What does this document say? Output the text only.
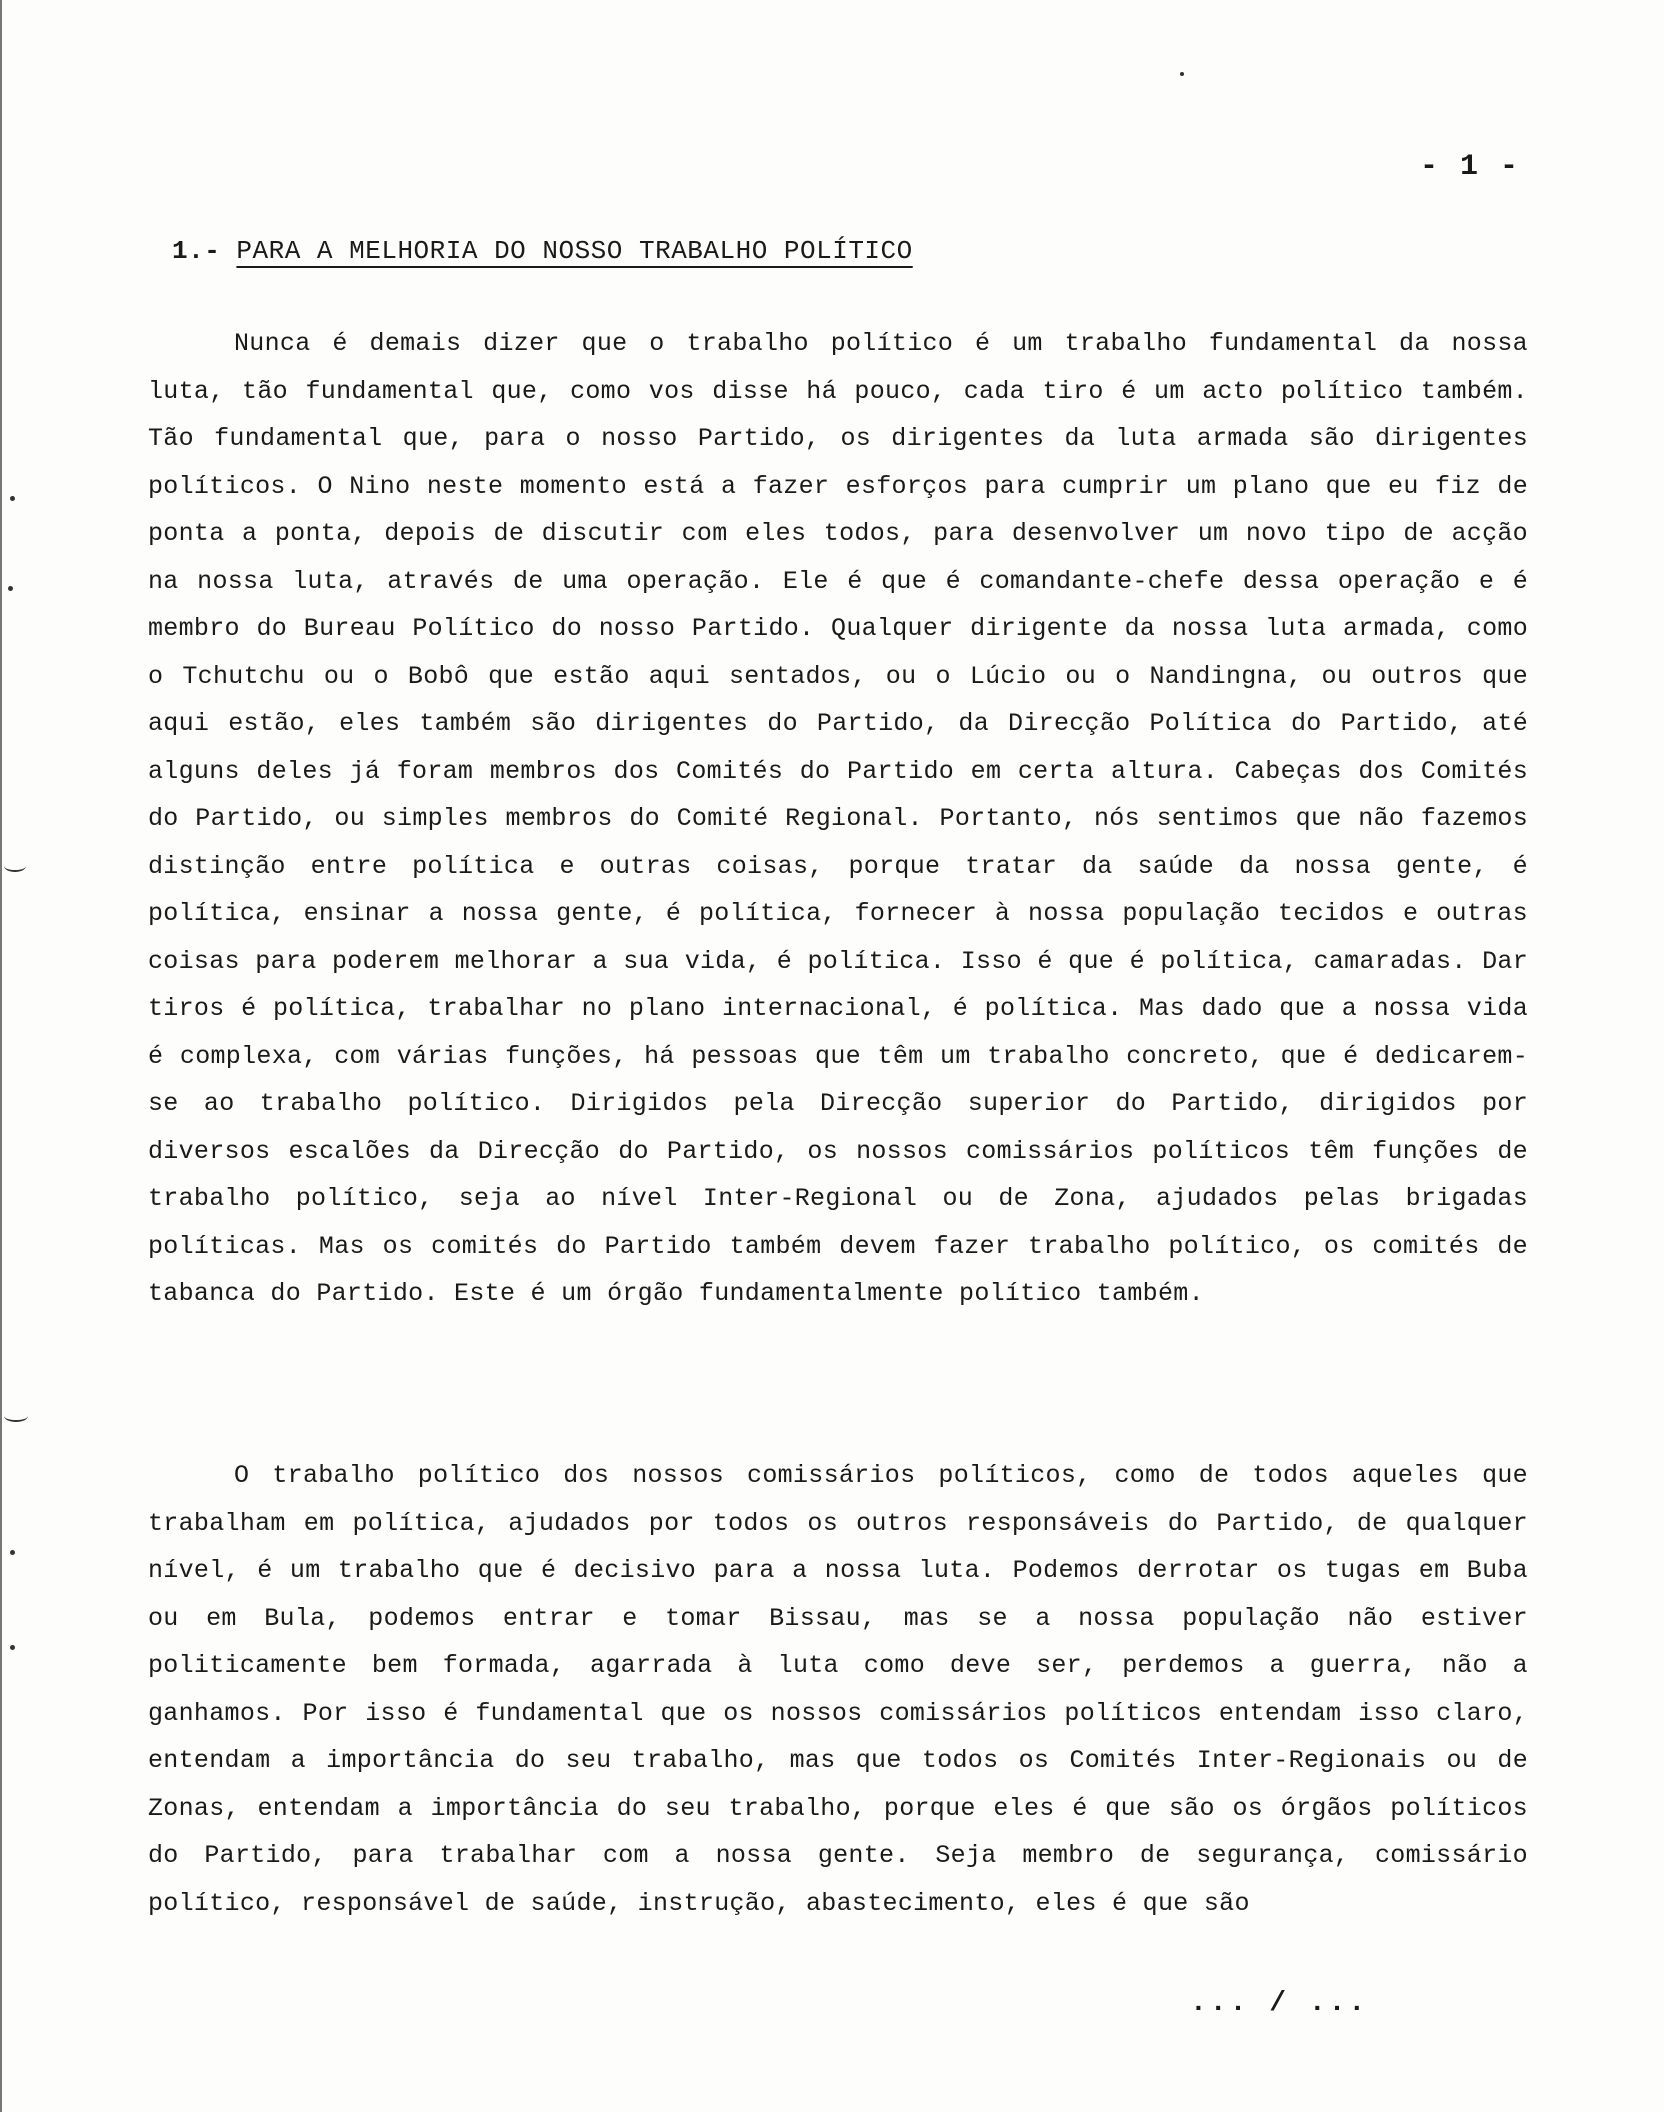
- 1 -
1.- PARA A MELHORIA DO NOSSO TRABALHO POLÍTICO

Nunca é demais dizer que o trabalho político é um trabalho fundamental da nossa luta, tão fundamental que, como vos disse há pouco, cada tiro é um acto político também. Tão fundamental que, para o nosso Partido, os dirigentes da luta armada são dirigentes políticos. O Nino neste momento está a fazer esforços para cumprir um plano que eu fiz de ponta a ponta, depois de discutir com eles todos, para desenvolver um novo tipo de acção na nossa luta, através de uma operação. Ele é que é comandante-chefe dessa operação e é membro do Bureau Político do nosso Partido. Qualquer dirigente da nossa luta armada, como o Tchutchu ou o Bobô que estão aqui sentados, ou o Lúcio ou o Nandingna, ou outros que aqui estão, eles também são dirigentes do Partido, da Direcção Política do Partido, até alguns deles já foram membros dos Comités do Partido em certa altura. Cabeças dos Comités do Partido, ou simples membros do Comité Regional. Portanto, nós sentimos que não fazemos distinção entre política e outras coisas, porque tratar da saúde da nossa gente, é política, ensinar a nossa gente, é política, fornecer à nossa população tecidos e outras coisas para poderem melhorar a sua vida, é política. Isso é que é política, camaradas. Dar tiros é política, trabalhar no plano internacional, é política. Mas dado que a nossa vida é complexa, com várias funções, há pessoas que têm um trabalho concreto, que é dedicarem-se ao trabalho político. Dirigidos pela Direcção superior do Partido, dirigidos por diversos escalões da Direcção do Partido, os nossos comissários políticos têm funções de trabalho político, seja ao nível Inter-Regional ou de Zona, ajudados pelas brigadas políticas. Mas os comités do Partido também devem fazer trabalho político, os comités de tabanca do Partido. Este é um órgão fundamentalmente político também.

O trabalho político dos nossos comissários políticos, como de todos aqueles que trabalham em política, ajudados por todos os outros responsáveis do Partido, de qualquer nível, é um trabalho que é decisivo para a nossa luta. Podemos derrotar os tugas em Buba ou em Bula, podemos entrar e tomar Bissau, mas se a nossa população não estiver politicamente bem formada, agarrada à luta como deve ser, perdemos a guerra, não a ganhamos. Por isso é fundamental que os nossos comissários políticos entendam isso claro, entendam a importância do seu trabalho, mas que todos os Comités Inter-Regionais ou de Zonas, entendam a importância do seu trabalho, porque eles é que são os órgãos políticos do Partido, para trabalhar com a nossa gente. Seja membro de segurança, comissário político, responsável de saúde, instrução, abastecimento, eles é que são

... / ...
